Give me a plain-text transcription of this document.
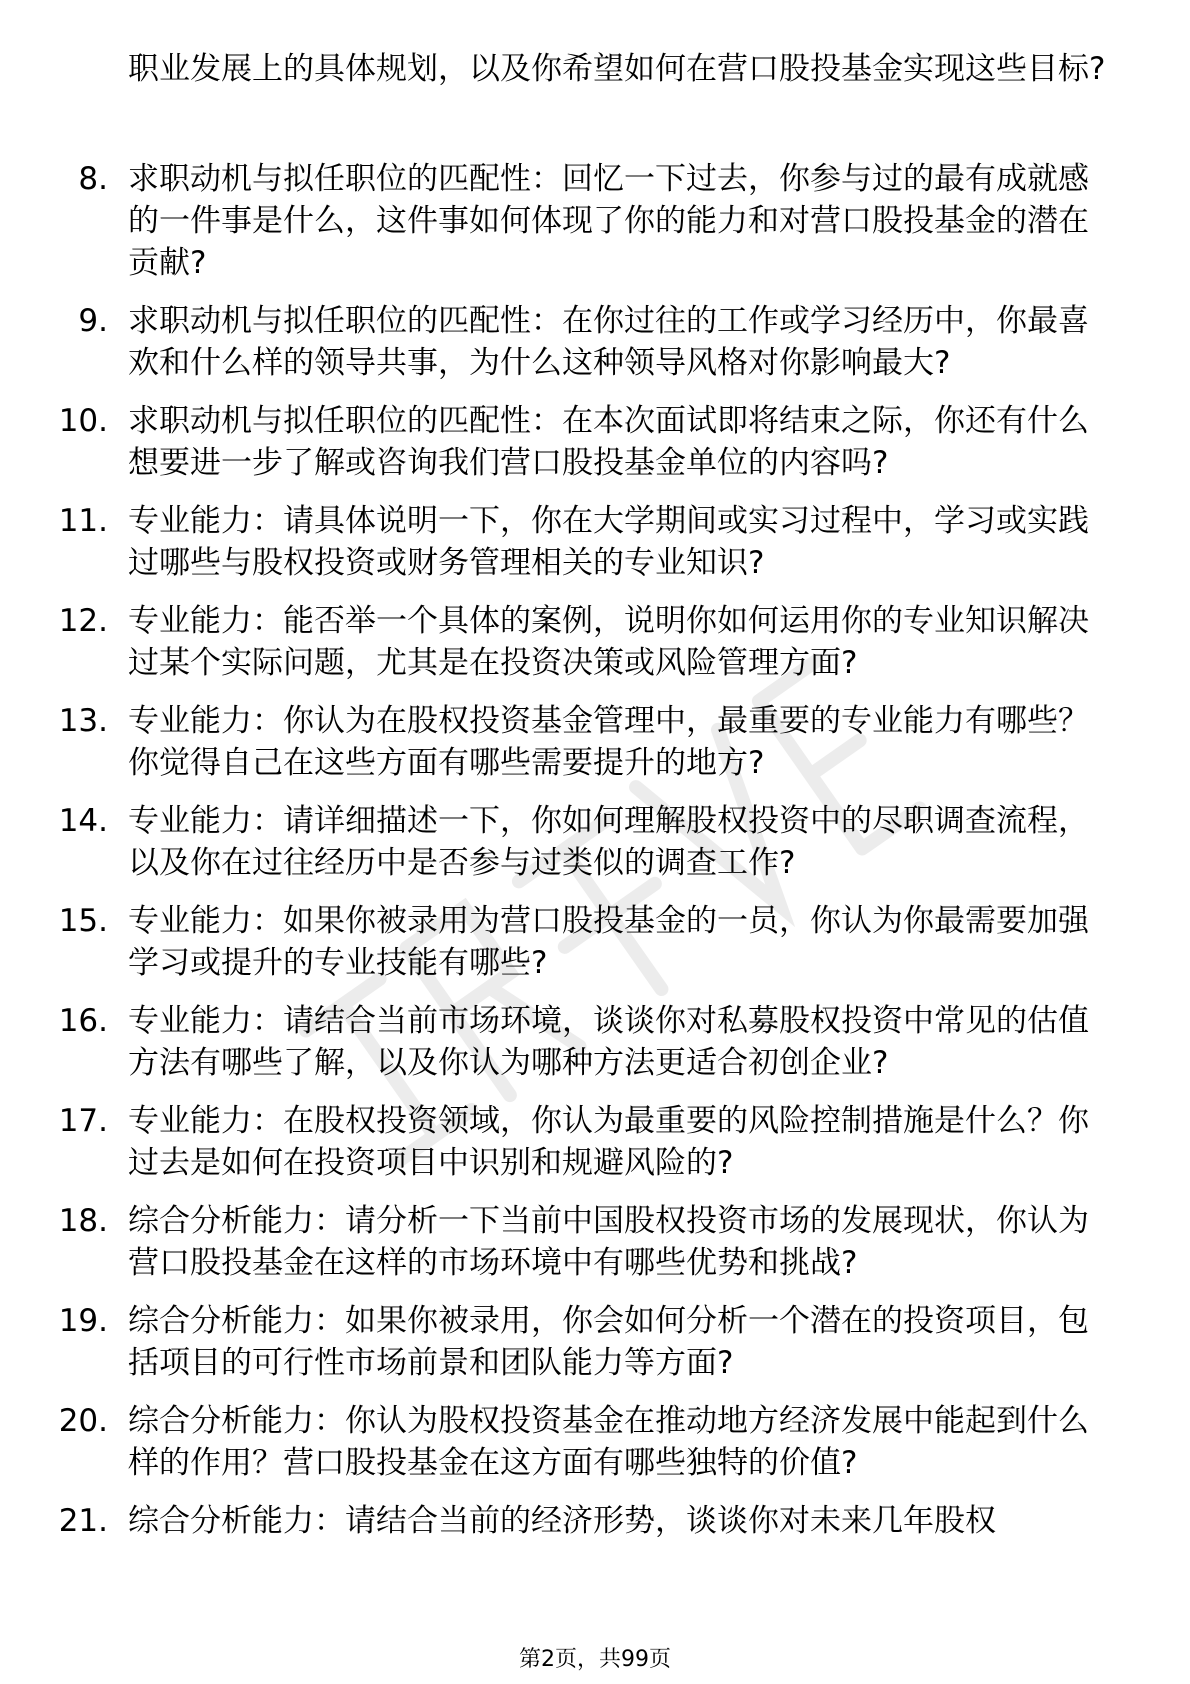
职业发展上的具体规划，以及你希望如何在营口股投基金实现这些目标?
8. 求职动机与拟任职位的匹配性：回忆一下过去，你参与过的最有成就感的一件事是什么，这件事如何体现了你的能力和对营口股投基金的潜在贡献?
9. 求职动机与拟任职位的匹配性：在你过往的工作或学习经历中，你最喜欢和什么样的领导共事，为什么这种领导风格对你影响最大?
10. 求职动机与拟任职位的匹配性：在本次面试即将结束之际，你还有什么想要进一步了解或咨询我们营口股投基金单位的内容吗?
11. 专业能力：请具体说明一下，你在大学期间或实习过程中，学习或实践过哪些与股权投资或财务管理相关的专业知识?
12. 专业能力：能否举一个具体的案例，说明你如何运用你的专业知识解决过某个实际问题，尤其是在投资决策或风险管理方面?
13. 专业能力：你认为在股权投资基金管理中，最重要的专业能力有哪些？你觉得自己在这些方面有哪些需要提升的地方?
14. 专业能力：请详细描述一下，你如何理解股权投资中的尽职调查流程，以及你在过往经历中是否参与过类似的调查工作?
15. 专业能力：如果你被录用为营口股投基金的一员，你认为你最需要加强学习或提升的专业技能有哪些?
16. 专业能力：请结合当前市场环境，谈谈你对私募股权投资中常见的估值方法有哪些了解，以及你认为哪种方法更适合初创企业?
17. 专业能力：在股权投资领域，你认为最重要的风险控制措施是什么？你过去是如何在投资项目中识别和规避风险的?
18. 综合分析能力：请分析一下当前中国股权投资市场的发展现状，你认为营口股投基金在这样的市场环境中有哪些优势和挑战?
19. 综合分析能力：如果你被录用，你会如何分析一个潜在的投资项目，包括项目的可行性市场前景和团队能力等方面?
20. 综合分析能力：你认为股权投资基金在推动地方经济发展中能起到什么样的作用？营口股投基金在这方面有哪些独特的价值?
21. 综合分析能力：请结合当前的经济形势，谈谈你对未来几年股权
第2页，共99页
